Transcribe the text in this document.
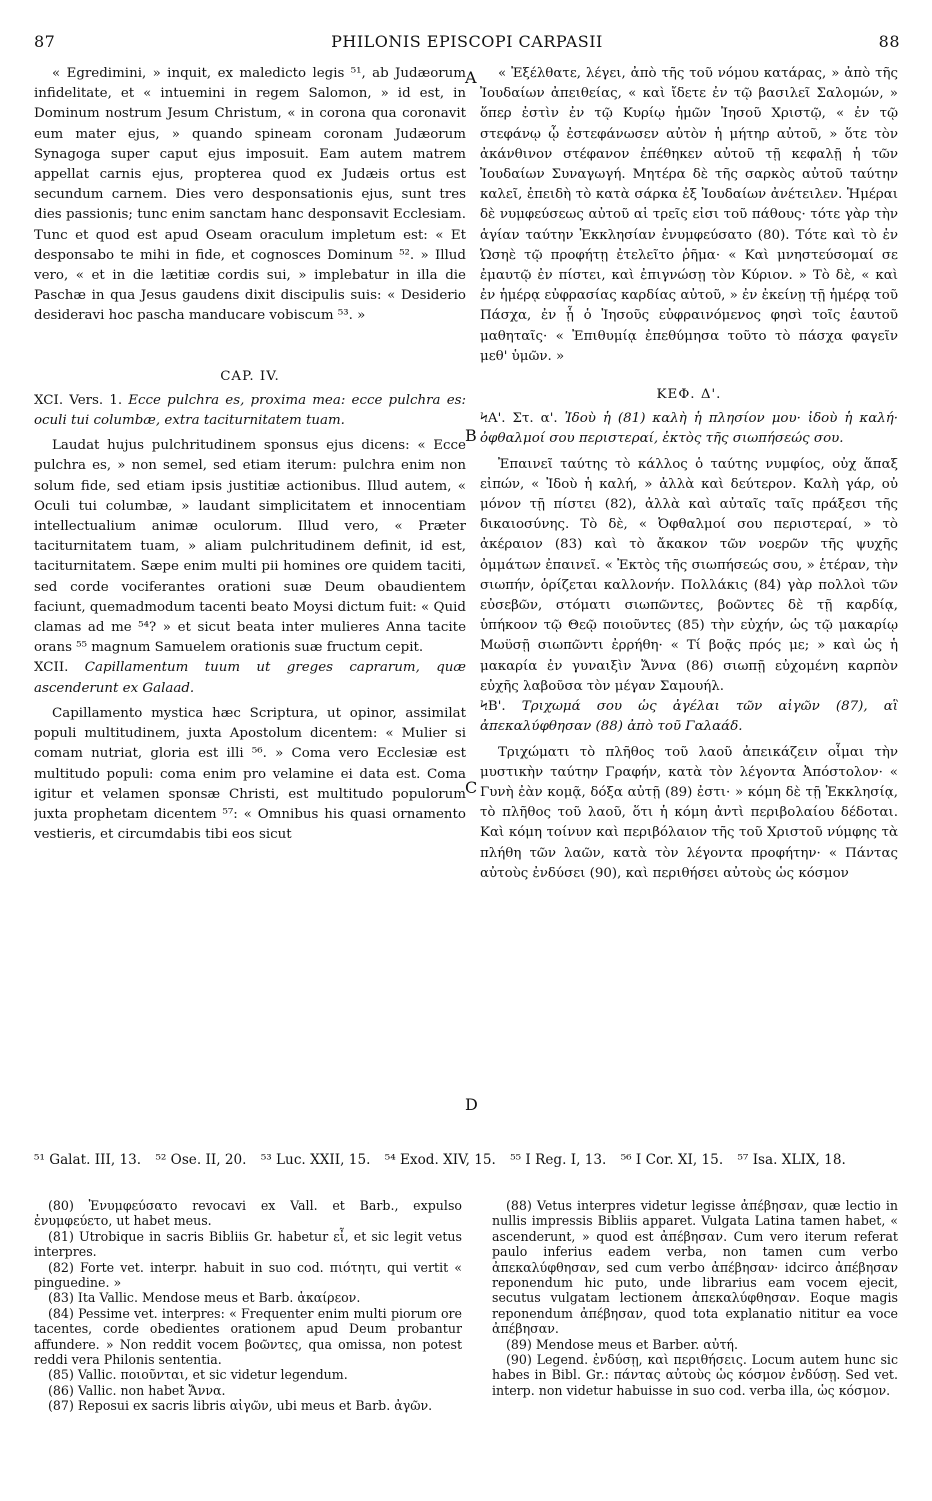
87	PHILONIS EPISCOPI CARPASII	88
A
B
C
D

« Egredimini, » inquit, ex maledicto legis ⁵¹, ab Judæorum infidelitate, et « intuemini in regem Salomon, » id est, in Dominum nostrum Jesum Christum, « in corona qua coronavit eum mater ejus, » quando spineam coronam Judæorum Synagoga super caput ejus imposuit. Eam autem matrem appellat carnis ejus, propterea quod ex Judæis ortus est secundum carnem. Dies vero desponsationis ejus, sunt tres dies passionis; tunc enim sanctam hanc desponsavit Ecclesiam. Tunc et quod est apud Oseam oraculum impletum est: « Et desponsabo te mihi in fide, et cognosces Dominum ⁵². » Illud vero, « et in die lætitiæ cordis sui, » implebatur in illa die Paschæ in qua Jesus gaudens dixit discipulis suis: « Desiderio desideravi hoc pascha manducare vobiscum ⁵³. »

CAP. IV.

XCI. Vers. 1. Ecce pulchra es, proxima mea: ecce pulchra es: oculi tui columbæ, extra taciturnitatem tuam.

Laudat hujus pulchritudinem sponsus ejus dicens: « Ecce pulchra es, » non semel, sed etiam iterum: pulchra enim non solum fide, sed etiam ipsis justitiæ actionibus. Illud autem, « Oculi tui columbæ, » laudant simplicitatem et innocentiam intellectualium animæ oculorum. Illud vero, « Præter taciturnitatem tuam, » aliam pulchritudinem definit, id est, taciturnitatem. Sæpe enim multi pii homines ore quidem taciti, sed corde vociferantes orationi suæ Deum obaudientem faciunt, quemadmodum tacenti beato Moysi dictum fuit: « Quid clamas ad me ⁵⁴? » et sicut beata inter mulieres Anna tacite orans ⁵⁵ magnum Samuelem orationis suæ fructum cepit.

XCII. Capillamentum tuum ut greges caprarum, quæ ascenderunt ex Galaad.

Capillamento mystica hæc Scriptura, ut opinor, assimilat populi multitudinem, juxta Apostolum dicentem: « Mulier si comam nutriat, gloria est illi ⁵⁶. » Coma vero Ecclesiæ est multitudo populi: coma enim pro velamine ei data est. Coma igitur et velamen sponsæ Christi, est multitudo populorum juxta prophetam dicentem ⁵⁷: « Omnibus his quasi ornamento vestieris, et circumdabis tibi eos sicut

« Ἐξέλθατε, λέγει, ἀπὸ τῆς τοῦ νόμου κατάρας, » ἀπὸ τῆς Ἰουδαίων ἀπειθείας, « καὶ ἴδετε ἐν τῷ βασιλεῖ Σαλομών, » ὅπερ ἐστὶν ἐν τῷ Κυρίῳ ἡμῶν Ἰησοῦ Χριστῷ, « ἐν τῷ στεφάνῳ ᾧ ἐστεφάνωσεν αὐτὸν ἡ μήτηρ αὐτοῦ, » ὅτε τὸν ἀκάνθινον στέφανον ἐπέθηκεν αὐτοῦ τῇ κεφαλῇ ἡ τῶν Ἰουδαίων Συναγωγή. Μητέρα δὲ τῆς σαρκὸς αὐτοῦ ταύτην καλεῖ, ἐπειδὴ τὸ κατὰ σάρκα ἐξ Ἰουδαίων ἀνέτειλεν. Ἡμέραι δὲ νυμφεύσεως αὐτοῦ αἱ τρεῖς εἰσι τοῦ πάθους· τότε γὰρ τὴν ἁγίαν ταύτην Ἐκκλησίαν ἐνυμφεύσατο (80). Τότε καὶ τὸ ἐν Ὡσηὲ τῷ προφήτῃ ἐτελεῖτο ῥῆμα· « Καὶ μνηστεύσομαί σε ἐμαυτῷ ἐν πίστει, καὶ ἐπιγνώσῃ τὸν Κύριον. » Τὸ δὲ, « καὶ ἐν ἡμέρᾳ εὐφρασίας καρδίας αὐτοῦ, » ἐν ἐκείνῃ τῇ ἡμέρᾳ τοῦ Πάσχα, ἐν ᾗ ὁ Ἰησοῦς εὐφραινόμενος φησὶ τοῖς ἑαυτοῦ μαθηταῖς· « Ἐπιθυμίᾳ ἐπεθύμησα τοῦτο τὸ πάσχα φαγεῖν μεθ' ὑμῶν. »

ΚΕΦ. Δ'.

ϞΑ'. Στ. α'. Ἰδοὺ ἡ (81) καλὴ ἡ πλησίον μου· ἰδοὺ ἡ καλή· ὀφθαλμοί σου περιστεραί, ἐκτὸς τῆς σιωπήσεώς σου.

Ἐπαινεῖ ταύτης τὸ κάλλος ὁ ταύτης νυμφίος, οὐχ ἅπαξ εἰπών, « Ἰδοὺ ἡ καλή, » ἀλλὰ καὶ δεύτερον. Καλὴ γάρ, οὐ μόνον τῇ πίστει (82), ἀλλὰ καὶ αὐταῖς ταῖς πράξεσι τῆς δικαιοσύνης. Τὸ δὲ, « Ὀφθαλμοί σου περιστεραί, » τὸ ἀκέραιον (83) καὶ τὸ ἄκακον τῶν νοερῶν τῆς ψυχῆς ὀμμάτων ἐπαινεῖ. « Ἐκτὸς τῆς σιωπήσεώς σου, » ἑτέραν, τὴν σιωπήν, ὁρίζεται καλλονήν. Πολλάκις (84) γὰρ πολλοὶ τῶν εὐσεβῶν, στόματι σιωπῶντες, βοῶντες δὲ τῇ καρδίᾳ, ὑπήκοον τῷ Θεῷ ποιοῦντες (85) τὴν εὐχήν, ὡς τῷ μακαρίῳ Μωϋσῇ σιωπῶντι ἐρρήθη· « Τί βοᾷς πρός με; » καὶ ὡς ἡ μακαρία ἐν γυναιξὶν Ἄννα (86) σιωπῇ εὐχομένη καρπὸν εὐχῆς λαβοῦσα τὸν μέγαν Σαμουήλ.

ϞΒ'. Τριχωμά σου ὡς ἀγέλαι τῶν αἰγῶν (87), αἳ ἀπεκαλύφθησαν (88) ἀπὸ τοῦ Γαλαάδ.

Τριχώματι τὸ πλῆθος τοῦ λαοῦ ἀπεικάζειν οἶμαι τὴν μυστικὴν ταύτην Γραφήν, κατὰ τὸν λέγοντα Ἀπόστολον· « Γυνὴ ἐὰν κομᾷ, δόξα αὐτῇ (89) ἐστι· » κόμη δὲ τῇ Ἐκκλησίᾳ, τὸ πλῆθος τοῦ λαοῦ, ὅτι ἡ κόμη ἀντὶ περιβολαίου δέδοται. Καὶ κόμη τοίνυν καὶ περιβόλαιον τῆς τοῦ Χριστοῦ νύμφης τὰ πλήθη τῶν λαῶν, κατὰ τὸν λέγοντα προφήτην· « Πάντας αὐτοὺς ἐνδύσει (90), καὶ περιθήσει αὐτοὺς ὡς κόσμον

⁵¹ Galat. III, 13. ⁵² Ose. II, 20. ⁵³ Luc. XXII, 15. ⁵⁴ Exod. XIV, 15. ⁵⁵ I Reg. I, 13. ⁵⁶ I Cor. XI, 15. ⁵⁷ Isa. XLIX, 18.

(80) Ἐνυμφεύσατο revocavi ex Vall. et Barb., expulso ἐνυμφεύετο, ut habet meus.

(81) Utrobique in sacris Bibliis Gr. habetur εἶ, et sic legit vetus interpres.

(82) Forte vet. interpr. habuit in suo cod. πιότητι, qui vertit « pinguedine. »

(83) Ita Vallic. Mendose meus et Barb. ἀκαίρεον.

(84) Pessime vet. interpres: « Frequenter enim multi piorum ore tacentes, corde obedientes orationem apud Deum probantur affundere. » Non reddit vocem βοῶντες, qua omissa, non potest reddi vera Philonis sententia.

(85) Vallic. ποιοῦνται, et sic videtur legendum.

(86) Vallic. non habet Ἄννα.

(87) Reposui ex sacris libris αἰγῶν, ubi meus et Barb. ἀγῶν.

(88) Vetus interpres videtur legisse ἀπέβησαν, quæ lectio in nullis impressis Bibliis apparet. Vulgata Latina tamen habet, « ascenderunt, » quod est ἀπέβησαν. Cum vero iterum referat paulo inferius eadem verba, non tamen cum verbo ἀπεκαλύφθησαν, sed cum verbo ἀπέβησαν· idcirco ἀπέβησαν reponendum hic puto, unde librarius eam vocem ejecit, secutus vulgatam lectionem ἀπεκαλύφθησαν. Eoque magis reponendum ἀπέβησαν, quod tota explanatio nititur ea voce ἀπέβησαν.

(89) Mendose meus et Barber. αὐτή.

(90) Legend. ἐνδύσῃ, καὶ περιθήσεις. Locum autem hunc sic habes in Bibl. Gr.: πάντας αὐτοὺς ὡς κόσμον ἐνδύσῃ. Sed vet. interp. non videtur habuisse in suo cod. verba illa, ὡς κόσμον.
